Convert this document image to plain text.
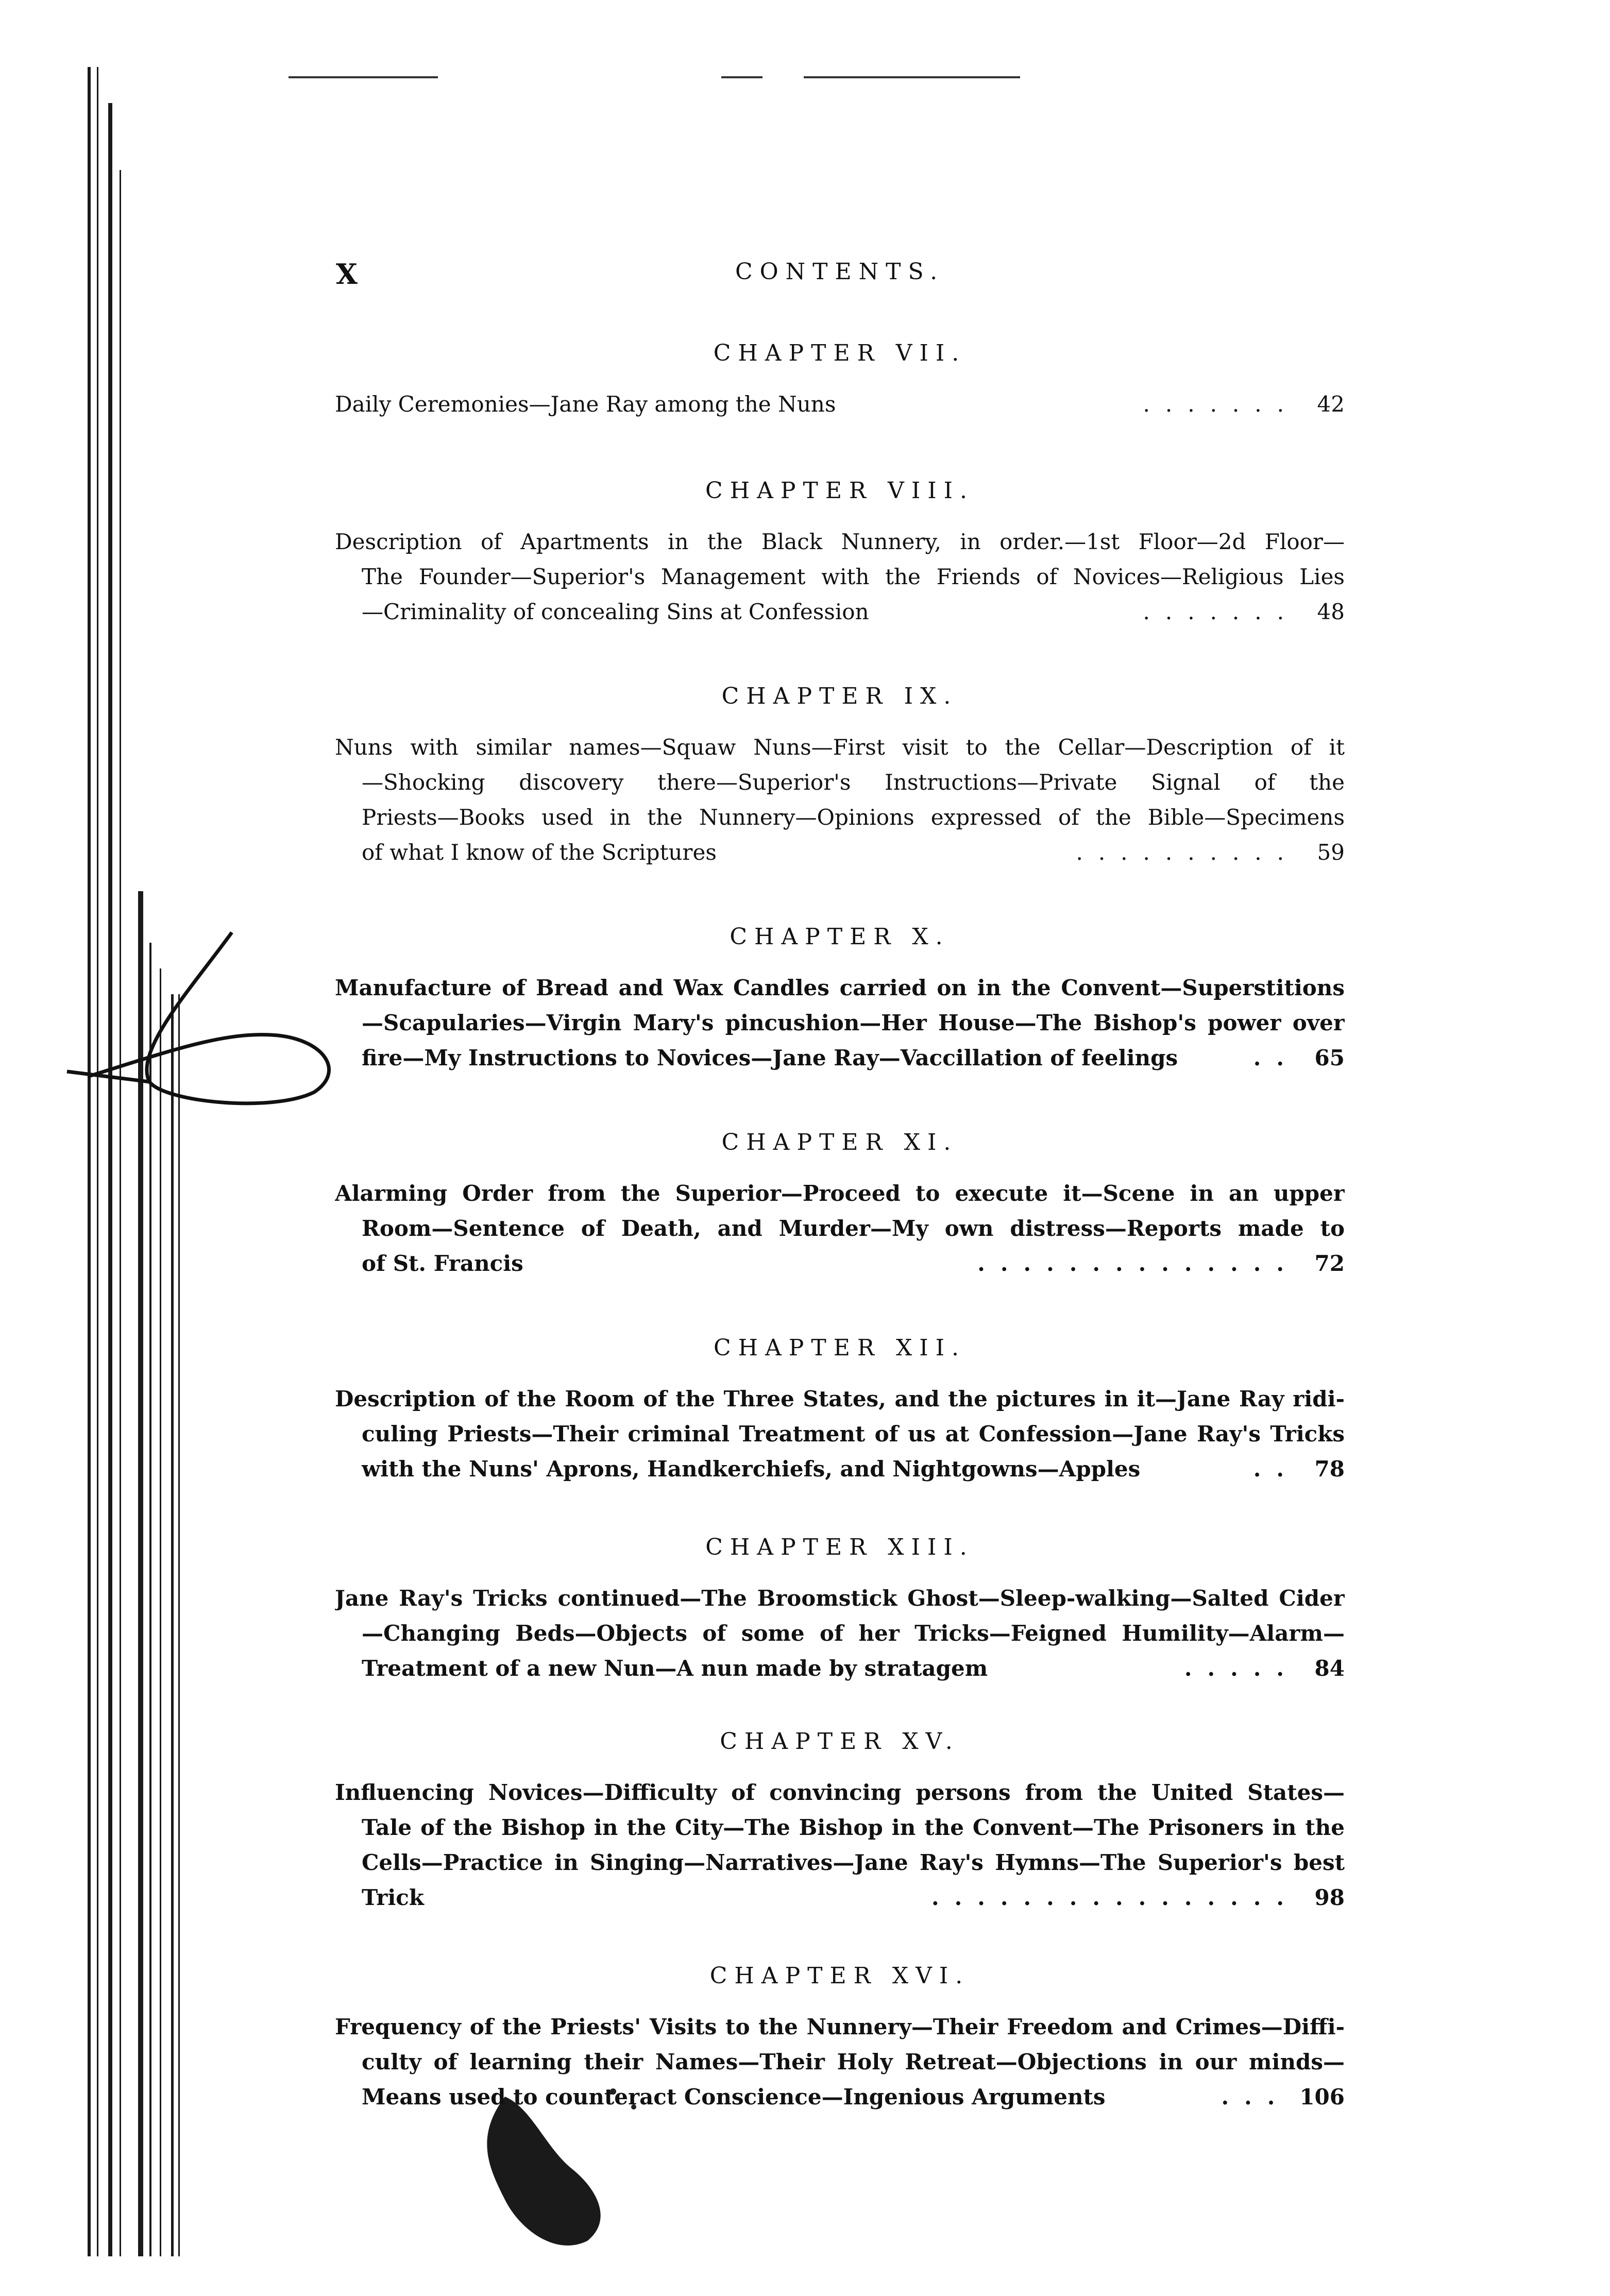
X	CONTENTS.
CHAPTER VII.
Daily Ceremonies—Jane Ray among the Nuns	....... 42
CHAPTER VIII.
Description of Apartments in the Black Nunnery, in order.—1st Floor—2d Floor—
The Founder—Superior's Management with the Friends of Novices—Religious Lies
—Criminality of concealing Sins at Confession	....... 48
CHAPTER IX.
Nuns with similar names—Squaw Nuns—First visit to the Cellar—Description of it
—Shocking discovery there—Superior's Instructions—Private Signal of the
Priests—Books used in the Nunnery—Opinions expressed of the Bible—Specimens
of what I know of the Scriptures	.......... 59
CHAPTER X.
Manufacture of Bread and Wax Candles carried on in the Convent—Superstitions
—Scapularies—Virgin Mary's pincushion—Her House—The Bishop's power over
fire—My Instructions to Novices—Jane Ray—Vaccillation of feelings	.. 65
CHAPTER XI.
Alarming Order from the Superior—Proceed to execute it—Scene in an upper
Room—Sentence of Death, and Murder—My own distress—Reports made to
of St. Francis	.............. 72
CHAPTER XII.
Description of the Room of the Three States, and the pictures in it—Jane Ray ridi-
culing Priests—Their criminal Treatment of us at Confession—Jane Ray's Tricks
with the Nuns' Aprons, Handkerchiefs, and Nightgowns—Apples	.. 78
CHAPTER XIII.
Jane Ray's Tricks continued—The Broomstick Ghost—Sleep-walking—Salted Cider
—Changing Beds—Objects of some of her Tricks—Feigned Humility—Alarm—
Treatment of a new Nun—A nun made by stratagem	..... 84
CHAPTER XV.
Influencing Novices—Difficulty of convincing persons from the United States—
Tale of the Bishop in the City—The Bishop in the Convent—The Prisoners in the
Cells—Practice in Singing—Narratives—Jane Ray's Hymns—The Superior's best
Trick	................ 98
CHAPTER XVI.
Frequency of the Priests' Visits to the Nunnery—Their Freedom and Crimes—Diffi-
culty of learning their Names—Their Holy Retreat—Objections in our minds—
Means used to counteract Conscience—Ingenious Arguments	... 106
